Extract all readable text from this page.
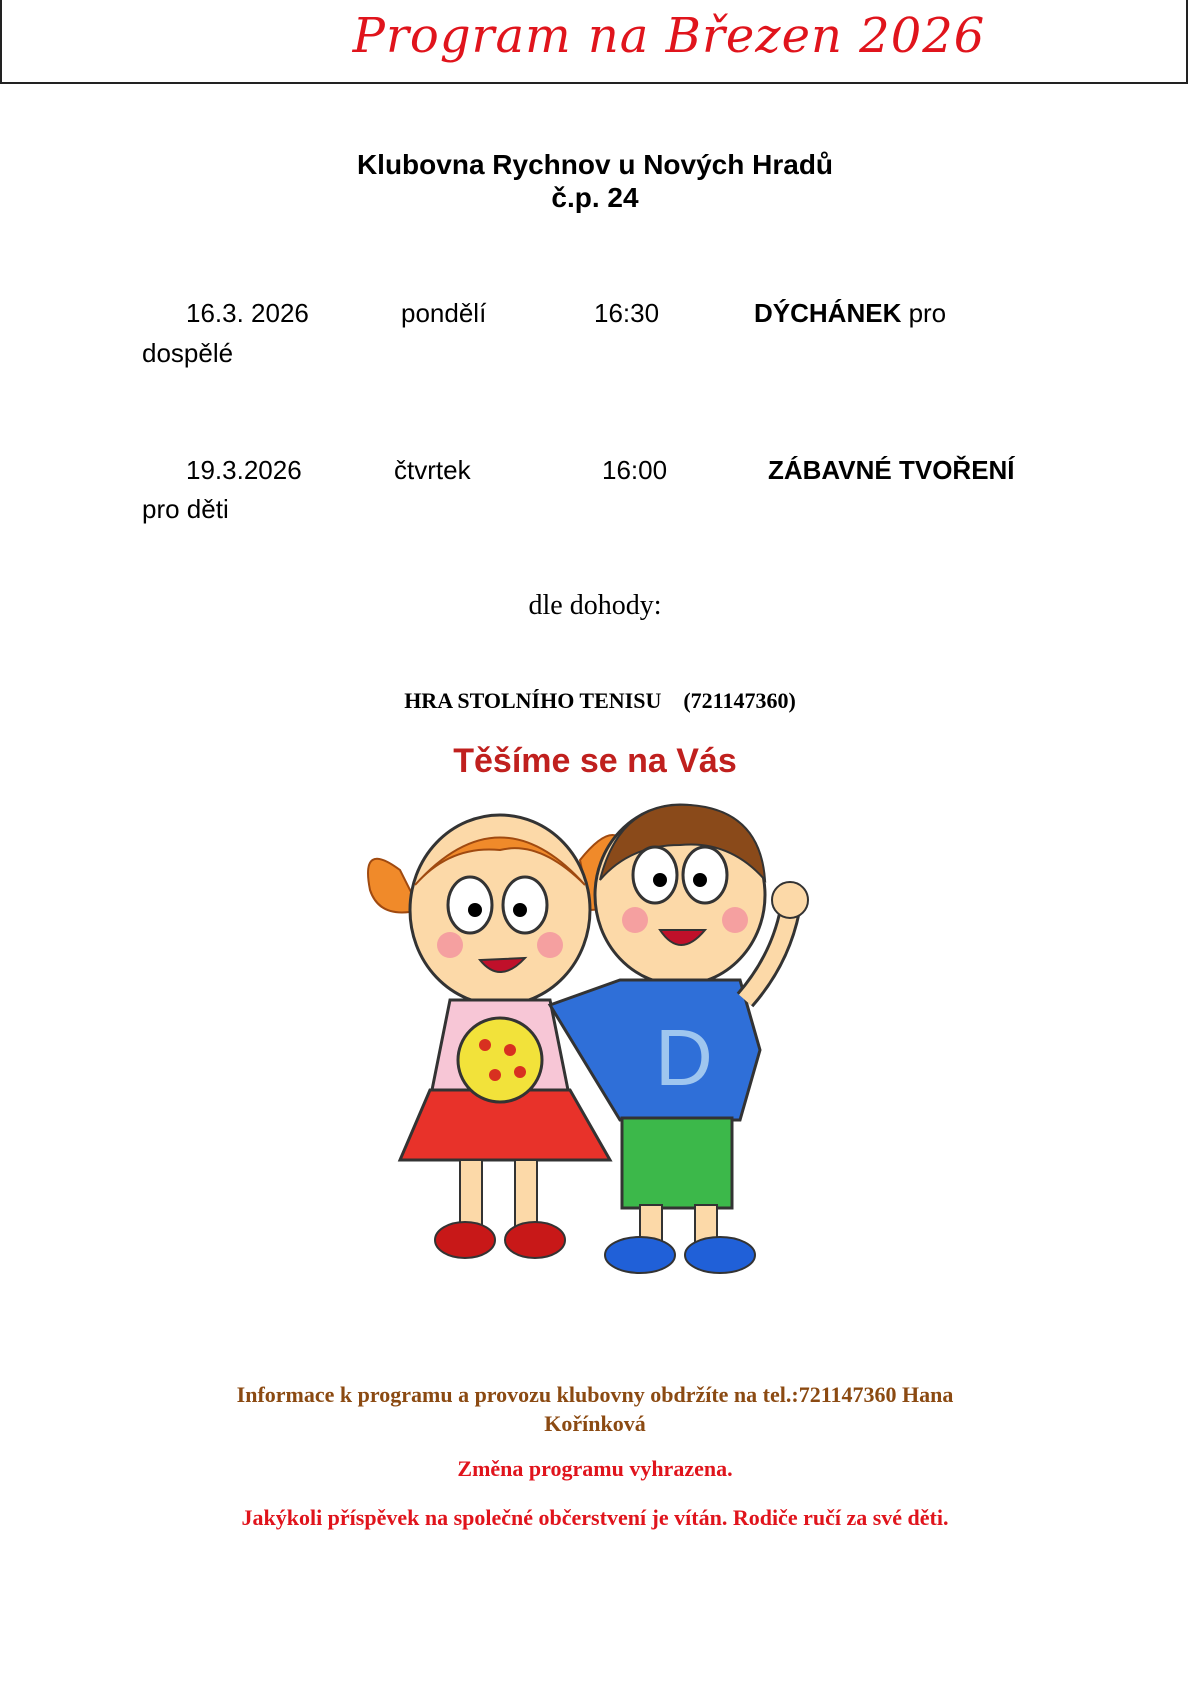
Program na Březen 2026
Klubovna Rychnov u Nových Hradů
č.p. 24
16.3. 2026	pondělí	16:30	DÝCHÁNEK pro
dospělé
19.3.2026	čtvrtek	16:00	ZÁBAVNÉ TVOŘENÍ
pro děti
dle dohody:
HRA STOLNÍHO TENISU (721147360)
Těšíme se na Vás
D
Informace k programu a provozu klubovny obdržíte na tel.:721147360 Hana
Kořínková
Změna programu vyhrazena.
Jakýkoli příspěvek na společné občerstvení je vítán. Rodiče ručí za své děti.
